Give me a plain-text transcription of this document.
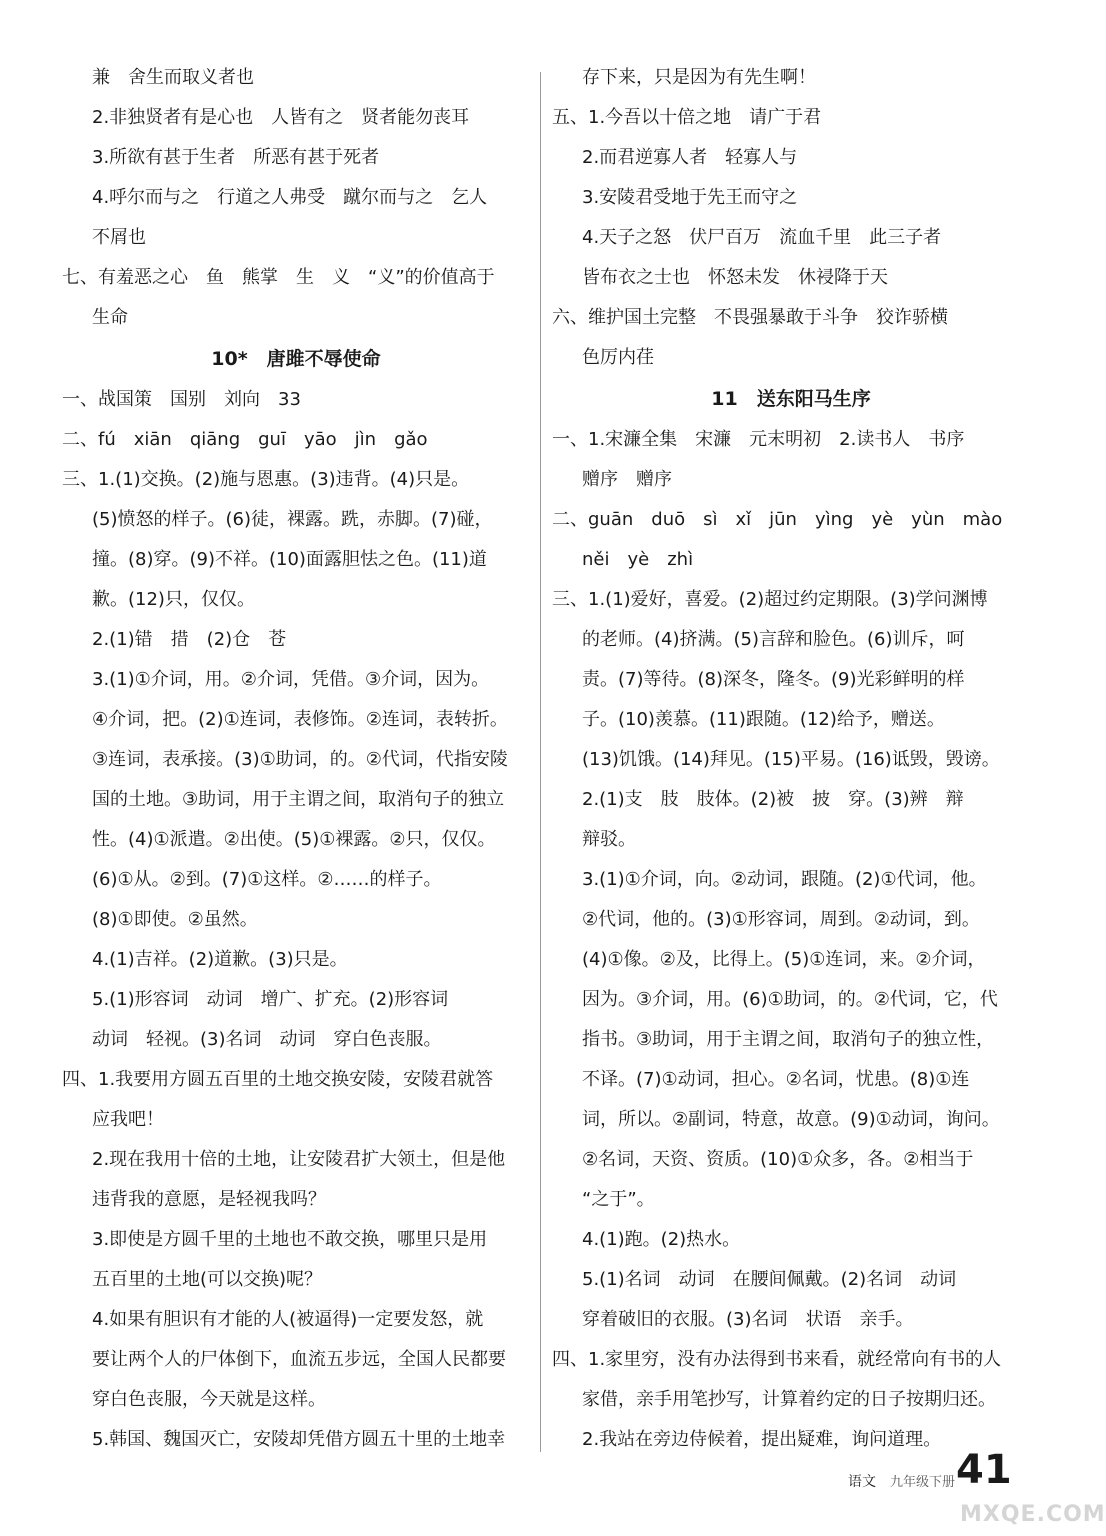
兼　舍生而取义者也
2.非独贤者有是心也　人皆有之　贤者能勿丧耳
3.所欲有甚于生者　所恶有甚于死者
4.呼尔而与之　行道之人弗受　蹴尔而与之　乞人
不屑也
七、有羞恶之心　鱼　熊掌　生　义　“义”的价值高于
生命
10*　唐雎不辱使命
一、战国策　国别　刘向　33
二、fú　xiān　qiāng　guī　yāo　jìn　gǎo
三、1.(1)交换。(2)施与恩惠。(3)违背。(4)只是。
(5)愤怒的样子。(6)徒，裸露。跣，赤脚。(7)碰，
撞。(8)穿。(9)不祥。(10)面露胆怯之色。(11)道
歉。(12)只，仅仅。
2.(1)错　措　(2)仓　苍
3.(1)①介词，用。②介词，凭借。③介词，因为。
④介词，把。(2)①连词，表修饰。②连词，表转折。
③连词，表承接。(3)①助词，的。②代词，代指安陵
国的土地。③助词，用于主谓之间，取消句子的独立
性。(4)①派遣。②出使。(5)①裸露。②只，仅仅。
(6)①从。②到。(7)①这样。②……的样子。
(8)①即使。②虽然。
4.(1)吉祥。(2)道歉。(3)只是。
5.(1)形容词　动词　增广、扩充。(2)形容词
动词　轻视。(3)名词　动词　穿白色丧服。
四、1.我要用方圆五百里的土地交换安陵，安陵君就答
应我吧！
2.现在我用十倍的土地，让安陵君扩大领土，但是他
违背我的意愿，是轻视我吗？
3.即使是方圆千里的土地也不敢交换，哪里只是用
五百里的土地(可以交换)呢？
4.如果有胆识有才能的人(被逼得)一定要发怒，就
要让两个人的尸体倒下，血流五步远，全国人民都要
穿白色丧服，今天就是这样。
5.韩国、魏国灭亡，安陵却凭借方圆五十里的土地幸
存下来，只是因为有先生啊！
五、1.今吾以十倍之地　请广于君
2.而君逆寡人者　轻寡人与
3.安陵君受地于先王而守之
4.天子之怒　伏尸百万　流血千里　此三子者
皆布衣之士也　怀怒未发　休祲降于天
六、维护国土完整　不畏强暴敢于斗争　狡诈骄横
色厉内荏
11　送东阳马生序
一、1.宋濂全集　宋濂　元末明初　2.读书人　书序
赠序　赠序
二、guān　duō　sì　xǐ　jūn　yìng　yè　yùn　mào
něi　yè　zhì
三、1.(1)爱好，喜爱。(2)超过约定期限。(3)学问渊博
的老师。(4)挤满。(5)言辞和脸色。(6)训斥，呵
责。(7)等待。(8)深冬，隆冬。(9)光彩鲜明的样
子。(10)羡慕。(11)跟随。(12)给予，赠送。
(13)饥饿。(14)拜见。(15)平易。(16)诋毁，毁谤。
2.(1)支　肢　肢体。(2)被　披　穿。(3)辨　辩
辩驳。
3.(1)①介词，向。②动词，跟随。(2)①代词，他。
②代词，他的。(3)①形容词，周到。②动词，到。
(4)①像。②及，比得上。(5)①连词，来。②介词，
因为。③介词，用。(6)①助词，的。②代词，它，代
指书。③助词，用于主谓之间，取消句子的独立性，
不译。(7)①动词，担心。②名词，忧患。(8)①连
词，所以。②副词，特意，故意。(9)①动词，询问。
②名词，天资、资质。(10)①众多，各。②相当于
“之于”。
4.(1)跑。(2)热水。
5.(1)名词　动词　在腰间佩戴。(2)名词　动词
穿着破旧的衣服。(3)名词　状语　亲手。
四、1.家里穷，没有办法得到书来看，就经常向有书的人
家借，亲手用笔抄写，计算着约定的日子按期归还。
2.我站在旁边侍候着，提出疑难，询问道理。
语文 九年级下册 41
MXQE.COM
